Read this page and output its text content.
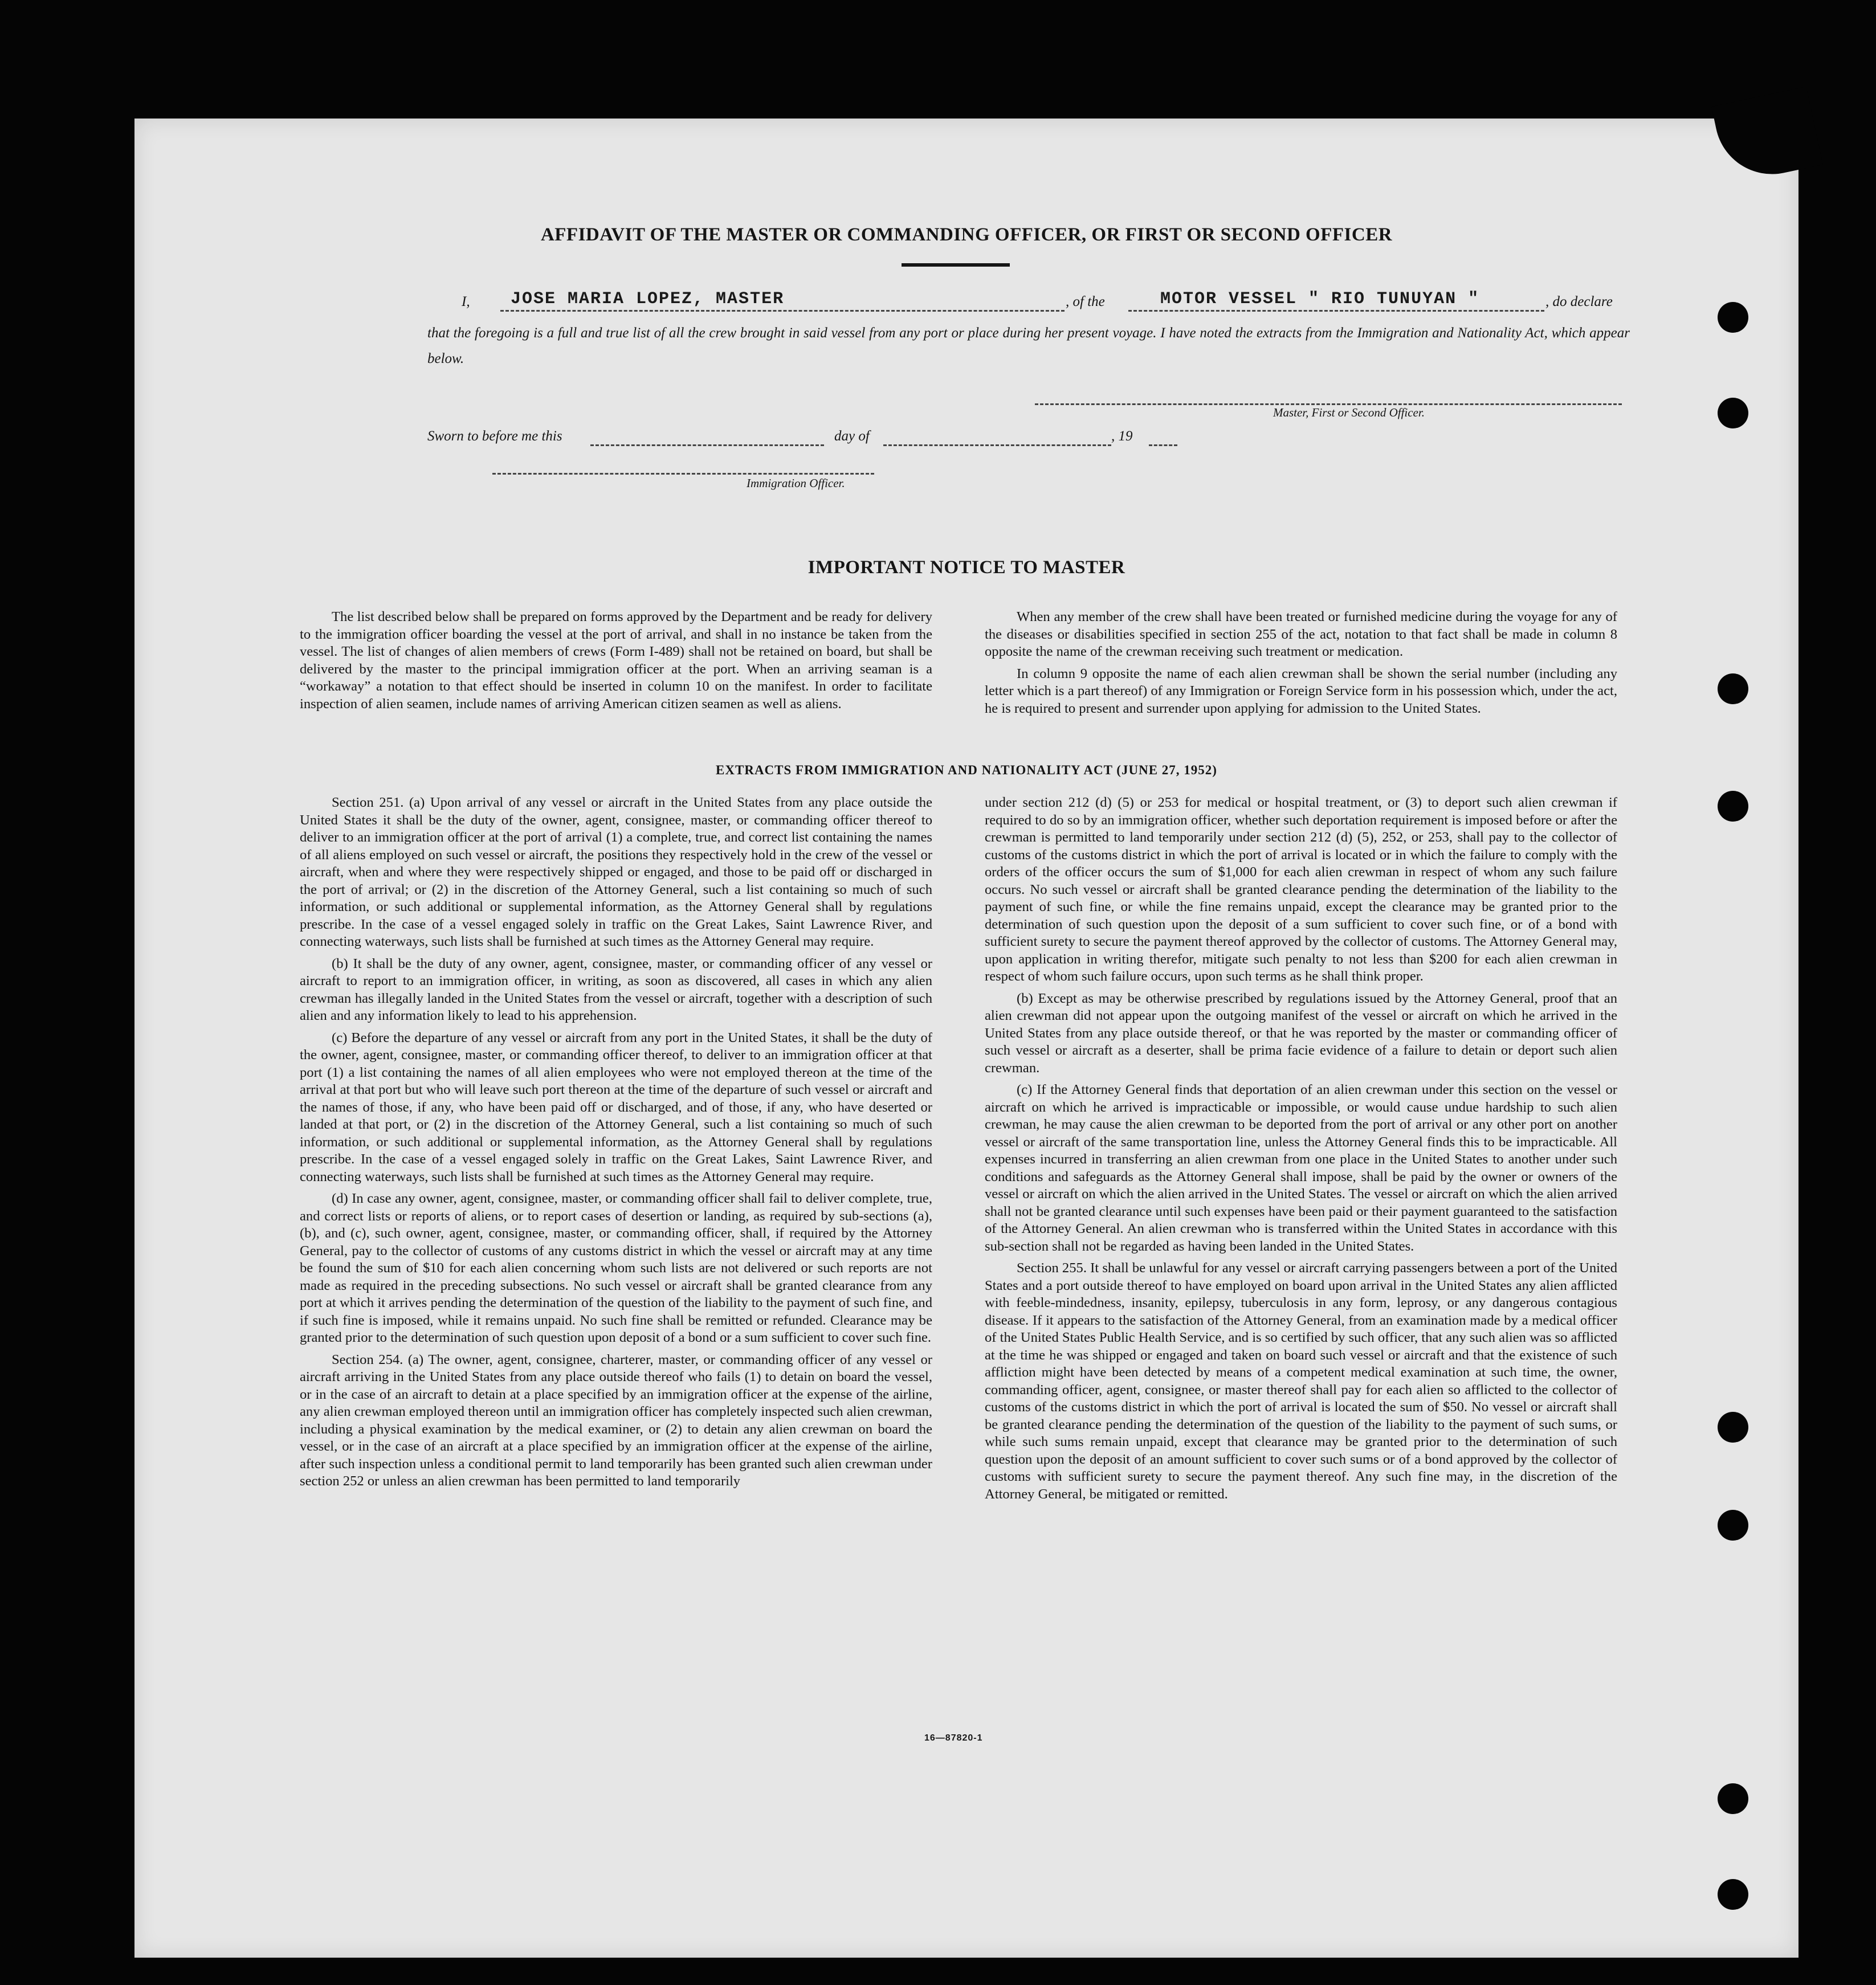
AFFIDAVIT OF THE MASTER OR COMMANDING OFFICER, OR FIRST OR SECOND OFFICER
I, JOSE MARIA LOPEZ, MASTER	, of the	MOTOR VESSEL " RIO TUNUYAN "	, do declare
that the foregoing is a full and true list of all the crew brought in said vessel from any port or place during her present voyage. I have noted the extracts from the Immigration and Nationality Act, which appear below.
Master, First or Second Officer.
Sworn to before me this	day of	, 19
Immigration Officer.
IMPORTANT NOTICE TO MASTER

The list described below shall be prepared on forms approved by the Department and be ready for delivery to the immigration officer boarding the vessel at the port of arrival, and shall in no instance be taken from the vessel. The list of changes of alien members of crews (Form I-489) shall not be retained on board, but shall be delivered by the master to the principal immigration officer at the port. When an arriving seaman is a “workaway” a notation to that effect should be inserted in column 10 on the manifest. In order to facilitate inspection of alien seamen, include names of arriving American citizen seamen as well as aliens.

When any member of the crew shall have been treated or furnished medicine during the voyage for any of the diseases or disabilities specified in section 255 of the act, notation to that fact shall be made in column 8 opposite the name of the crewman receiving such treatment or medication.

In column 9 opposite the name of each alien crewman shall be shown the serial number (including any letter which is a part thereof) of any Immigration or Foreign Service form in his possession which, under the act, he is required to present and surrender upon applying for admission to the United States.

EXTRACTS FROM IMMIGRATION AND NATIONALITY ACT (JUNE 27, 1952)

Section 251. (a) Upon arrival of any vessel or aircraft in the United States from any place outside the United States it shall be the duty of the owner, agent, consignee, master, or commanding officer thereof to deliver to an immigration officer at the port of arrival (1) a complete, true, and correct list containing the names of all aliens employed on such vessel or aircraft, the positions they respectively hold in the crew of the vessel or aircraft, when and where they were respectively shipped or engaged, and those to be paid off or discharged in the port of arrival; or (2) in the discretion of the Attorney General, such a list containing so much of such information, or such additional or supplemental information, as the Attorney General shall by regulations prescribe. In the case of a vessel engaged solely in traffic on the Great Lakes, Saint Lawrence River, and connecting waterways, such lists shall be furnished at such times as the Attorney General may require.

(b) It shall be the duty of any owner, agent, consignee, master, or commanding officer of any vessel or aircraft to report to an immigration officer, in writing, as soon as discovered, all cases in which any alien crewman has illegally landed in the United States from the vessel or aircraft, together with a description of such alien and any information likely to lead to his apprehension.

(c) Before the departure of any vessel or aircraft from any port in the United States, it shall be the duty of the owner, agent, consignee, master, or commanding officer thereof, to deliver to an immigration officer at that port (1) a list containing the names of all alien employees who were not employed thereon at the time of the arrival at that port but who will leave such port thereon at the time of the departure of such vessel or aircraft and the names of those, if any, who have been paid off or discharged, and of those, if any, who have deserted or landed at that port, or (2) in the discretion of the Attorney General, such a list containing so much of such information, or such additional or supplemental information, as the Attorney General shall by regulations prescribe. In the case of a vessel engaged solely in traffic on the Great Lakes, Saint Lawrence River, and connecting waterways, such lists shall be furnished at such times as the Attorney General may require.

(d) In case any owner, agent, consignee, master, or commanding officer shall fail to deliver complete, true, and correct lists or reports of aliens, or to report cases of desertion or landing, as required by sub-sections (a), (b), and (c), such owner, agent, consignee, master, or commanding officer, shall, if required by the Attorney General, pay to the collector of customs of any customs district in which the vessel or aircraft may at any time be found the sum of $10 for each alien concerning whom such lists are not delivered or such reports are not made as required in the preceding subsections. No such vessel or aircraft shall be granted clearance from any port at which it arrives pending the determination of the question of the liability to the payment of such fine, and if such fine is imposed, while it remains unpaid. No such fine shall be remitted or refunded. Clearance may be granted prior to the determination of such question upon deposit of a bond or a sum sufficient to cover such fine.

Section 254. (a) The owner, agent, consignee, charterer, master, or commanding officer of any vessel or aircraft arriving in the United States from any place outside thereof who fails (1) to detain on board the vessel, or in the case of an aircraft to detain at a place specified by an immigration officer at the expense of the airline, any alien crewman employed thereon until an immigration officer has completely inspected such alien crewman, including a physical examination by the medical examiner, or (2) to detain any alien crewman on board the vessel, or in the case of an aircraft at a place specified by an immigration officer at the expense of the airline, after such inspection unless a conditional permit to land temporarily has been granted such alien crewman under section 252 or unless an alien crewman has been permitted to land temporarily

under section 212 (d) (5) or 253 for medical or hospital treatment, or (3) to deport such alien crewman if required to do so by an immigration officer, whether such deportation requirement is imposed before or after the crewman is permitted to land temporarily under section 212 (d) (5), 252, or 253, shall pay to the collector of customs of the customs district in which the port of arrival is located or in which the failure to comply with the orders of the officer occurs the sum of $1,000 for each alien crewman in respect of whom any such failure occurs. No such vessel or aircraft shall be granted clearance pending the determination of the liability to the payment of such fine, or while the fine remains unpaid, except the clearance may be granted prior to the determination of such question upon the deposit of a sum sufficient to cover such fine, or of a bond with sufficient surety to secure the payment thereof approved by the collector of customs. The Attorney General may, upon application in writing therefor, mitigate such penalty to not less than $200 for each alien crewman in respect of whom such failure occurs, upon such terms as he shall think proper.

(b) Except as may be otherwise prescribed by regulations issued by the Attorney General, proof that an alien crewman did not appear upon the outgoing manifest of the vessel or aircraft on which he arrived in the United States from any place outside thereof, or that he was reported by the master or commanding officer of such vessel or aircraft as a deserter, shall be prima facie evidence of a failure to detain or deport such alien crewman.

(c) If the Attorney General finds that deportation of an alien crewman under this section on the vessel or aircraft on which he arrived is impracticable or impossible, or would cause undue hardship to such alien crewman, he may cause the alien crewman to be deported from the port of arrival or any other port on another vessel or aircraft of the same transportation line, unless the Attorney General finds this to be impracticable. All expenses incurred in transferring an alien crewman from one place in the United States to another under such conditions and safeguards as the Attorney General shall impose, shall be paid by the owner or owners of the vessel or aircraft on which the alien arrived in the United States. The vessel or aircraft on which the alien arrived shall not be granted clearance until such expenses have been paid or their payment guaranteed to the satisfaction of the Attorney General. An alien crewman who is transferred within the United States in accordance with this sub-section shall not be regarded as having been landed in the United States.

Section 255. It shall be unlawful for any vessel or aircraft carrying passengers between a port of the United States and a port outside thereof to have employed on board upon arrival in the United States any alien afflicted with feeble-mindedness, insanity, epilepsy, tuberculosis in any form, leprosy, or any dangerous contagious disease. If it appears to the satisfaction of the Attorney General, from an examination made by a medical officer of the United States Public Health Service, and is so certified by such officer, that any such alien was so afflicted at the time he was shipped or engaged and taken on board such vessel or aircraft and that the existence of such affliction might have been detected by means of a competent medical examination at such time, the owner, commanding officer, agent, consignee, or master thereof shall pay for each alien so afflicted to the collector of customs of the customs district in which the port of arrival is located the sum of $50. No vessel or aircraft shall be granted clearance pending the determination of the question of the liability to the payment of such sums, or while such sums remain unpaid, except that clearance may be granted prior to the determination of such question upon the deposit of an amount sufficient to cover such sums or of a bond approved by the collector of customs with sufficient surety to secure the payment thereof. Any such fine may, in the discretion of the Attorney General, be mitigated or remitted.

16—87820-1
